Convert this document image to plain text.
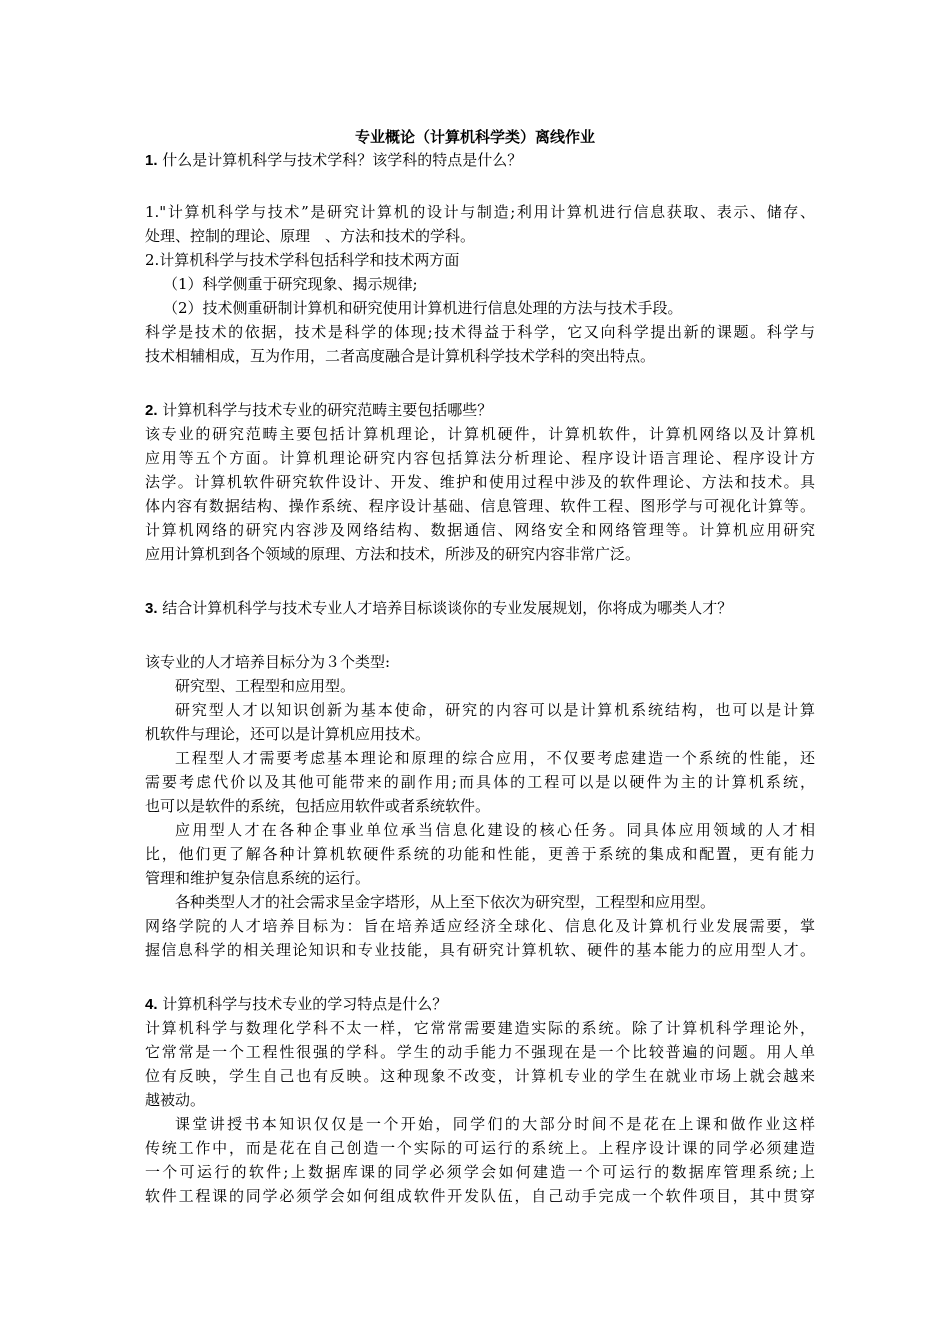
专业概论（计算机科学类）离线作业
1. 什么是计算机科学与技术学科？该学科的特点是什么？
1."计算机科学与技术”是研究计算机的设计与制造;利用计算机进行信息获取、表示、储存、
处理、控制的理论、原理　、方法和技术的学科。
2.计算机科学与技术学科包括科学和技术两方面
（1）科学侧重于研究现象、揭示规律;
（2）技术侧重研制计算机和研究使用计算机进行信息处理的方法与技术手段。
科学是技术的依据，技术是科学的体现;技术得益于科学，它又向科学提出新的课题。科学与
技术相辅相成，互为作用，二者高度融合是计算机科学技术学科的突出特点。
2. 计算机科学与技术专业的研究范畴主要包括哪些？
该专业的研究范畴主要包括计算机理论，计算机硬件，计算机软件，计算机网络以及计算机
应用等五个方面。计算机理论研究内容包括算法分析理论、程序设计语言理论、程序设计方
法学。计算机软件研究软件设计、开发、维护和使用过程中涉及的软件理论、方法和技术。具
体内容有数据结构、操作系统、程序设计基础、信息管理、软件工程、图形学与可视化计算等。
计算机网络的研究内容涉及网络结构、数据通信、网络安全和网络管理等。计算机应用研究
应用计算机到各个领域的原理、方法和技术，所涉及的研究内容非常广泛。
3. 结合计算机科学与技术专业人才培养目标谈谈你的专业发展规划，你将成为哪类人才？
该专业的人才培养目标分为３个类型:
研究型、工程型和应用型。
研究型人才以知识创新为基本使命，研究的内容可以是计算机系统结构，也可以是计算
机软件与理论，还可以是计算机应用技术。
工程型人才需要考虑基本理论和原理的综合应用，不仅要考虑建造一个系统的性能，还
需要考虑代价以及其他可能带来的副作用;而具体的工程可以是以硬件为主的计算机系统，
也可以是软件的系统，包括应用软件或者系统软件。
应用型人才在各种企事业单位承当信息化建设的核心任务。同具体应用领域的人才相
比，他们更了解各种计算机软硬件系统的功能和性能，更善于系统的集成和配置，更有能力
管理和维护复杂信息系统的运行。
各种类型人才的社会需求呈金字塔形，从上至下依次为研究型，工程型和应用型。
网络学院的人才培养目标为：旨在培养适应经济全球化、信息化及计算机行业发展需要，掌
握信息科学的相关理论知识和专业技能，具有研究计算机软、硬件的基本能力的应用型人才。
4. 计算机科学与技术专业的学习特点是什么？
计算机科学与数理化学科不太一样，它常常需要建造实际的系统。除了计算机科学理论外，
它常常是一个工程性很强的学科。学生的动手能力不强现在是一个比较普遍的问题。用人单
位有反映，学生自己也有反映。这种现象不改变，计算机专业的学生在就业市场上就会越来
越被动。
课堂讲授书本知识仅仅是一个开始，同学们的大部分时间不是花在上课和做作业这样
传统工作中，而是花在自己创造一个实际的可运行的系统上。上程序设计课的同学必须建造
一个可运行的软件;上数据库课的同学必须学会如何建造一个可运行的数据库管理系统;上
软件工程课的同学必须学会如何组成软件开发队伍，自己动手完成一个软件项目，其中贯穿
